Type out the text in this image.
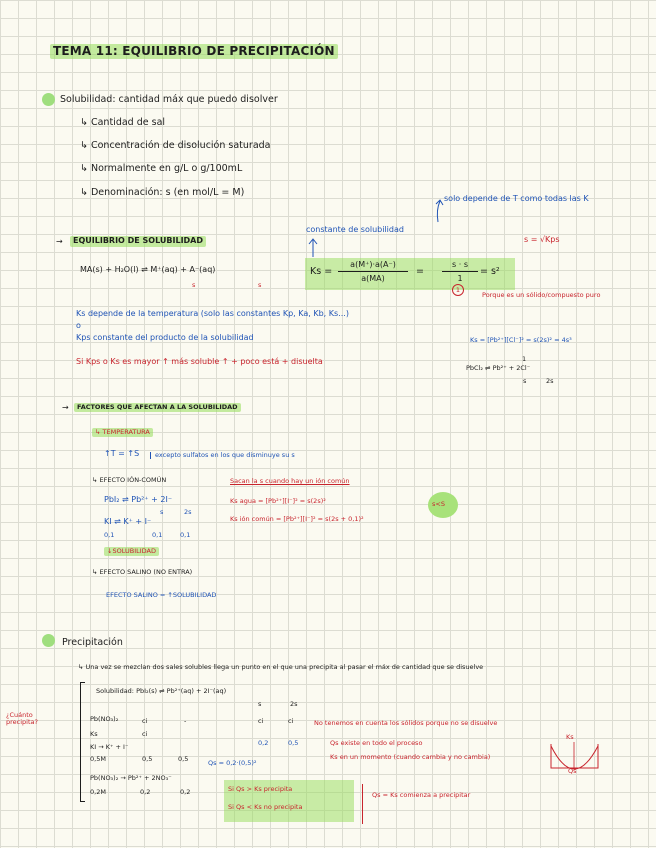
TEMA 11: EQUILIBRIO DE PRECIPITACIÓN
Solubilidad: cantidad máx que puedo disolver
↳ Cantidad de sal
↳ Concentración de disolución saturada
↳ Normalmente en g/L o g/100mL
↳ Denominación: s (en mol/L = M)
solo depende de T como todas las K
constante de solubilidad
→	EQUILIBRIO DE SOLUBILIDAD
MA(s) + H₂O(l) ⇌ M⁺(aq) + A⁻(aq)
s	s
Ks =
a(M⁺)·a(A⁻)
a(MA)
=
s · s
1
= s²
s = √Kps
1
Porque es un sólido/compuesto puro
Ks depende de la temperatura (solo las constantes Kp, Ka, Kb, Ks...)
o
Kps constante del producto de la solubilidad
Si Kps o Ks es mayor ↑ más soluble ↑ + poco está + disuelta
Ks = [Pb²⁺][Cl⁻]² = s(2s)² = 4s³
1
PbCl₂ ⇌ Pb²⁺ + 2Cl⁻
s	2s
→	FACTORES QUE AFECTAN A LA SOLUBILIDAD
↳ TEMPERATURA
↑T = ↑S	excepto sulfatos en los que disminuye su s
↳ EFECTO IÓN-COMÚN	Sacan la s cuando hay un ión común
PbI₂ ⇌ Pb²⁺ + 2I⁻
s	2s
KI ⇌ K⁺ + I⁻
0,1	0,1	0,1
Ks agua = [Pb²⁺][I⁻]² = s(2s)²
Ks ión común = [Pb²⁺][I⁻]² = s(2s + 0,1)²
s<S
↓SOLUBILIDAD
↳ EFECTO SALINO (NO ENTRA)
EFECTO SALINO = ↑SOLUBILIDAD
Precipitación
↳ Una vez se mezclan dos sales solubles llega un punto en el que una precipita al pasar el máx de cantidad que se disuelve
¿Cuánto precipita?
Solubilidad: PbI₂(s) ⇌ Pb²⁺(aq) + 2I⁻(aq)
s	2s
Pb(NO₃)₂	ci	-	ci	ci
Ks	ci
KI → K⁺ + I⁻
0,5M	0,5	0,5
0,2	0,5
Qs = 0,2·(0,5)²
No tenemos en cuenta los sólidos porque no se disuelve
Qs existe en todo el proceso
Ks en un momento (cuando cambia y no cambia)
Pb(NO₃)₂ → Pb²⁺ + 2NO₃⁻
0,2M	0,2	0,2	Si Qs > Ks precipita
Si Qs < Ks no precipita
Qs = Ks comienza a precipitar
Ks
Qs
